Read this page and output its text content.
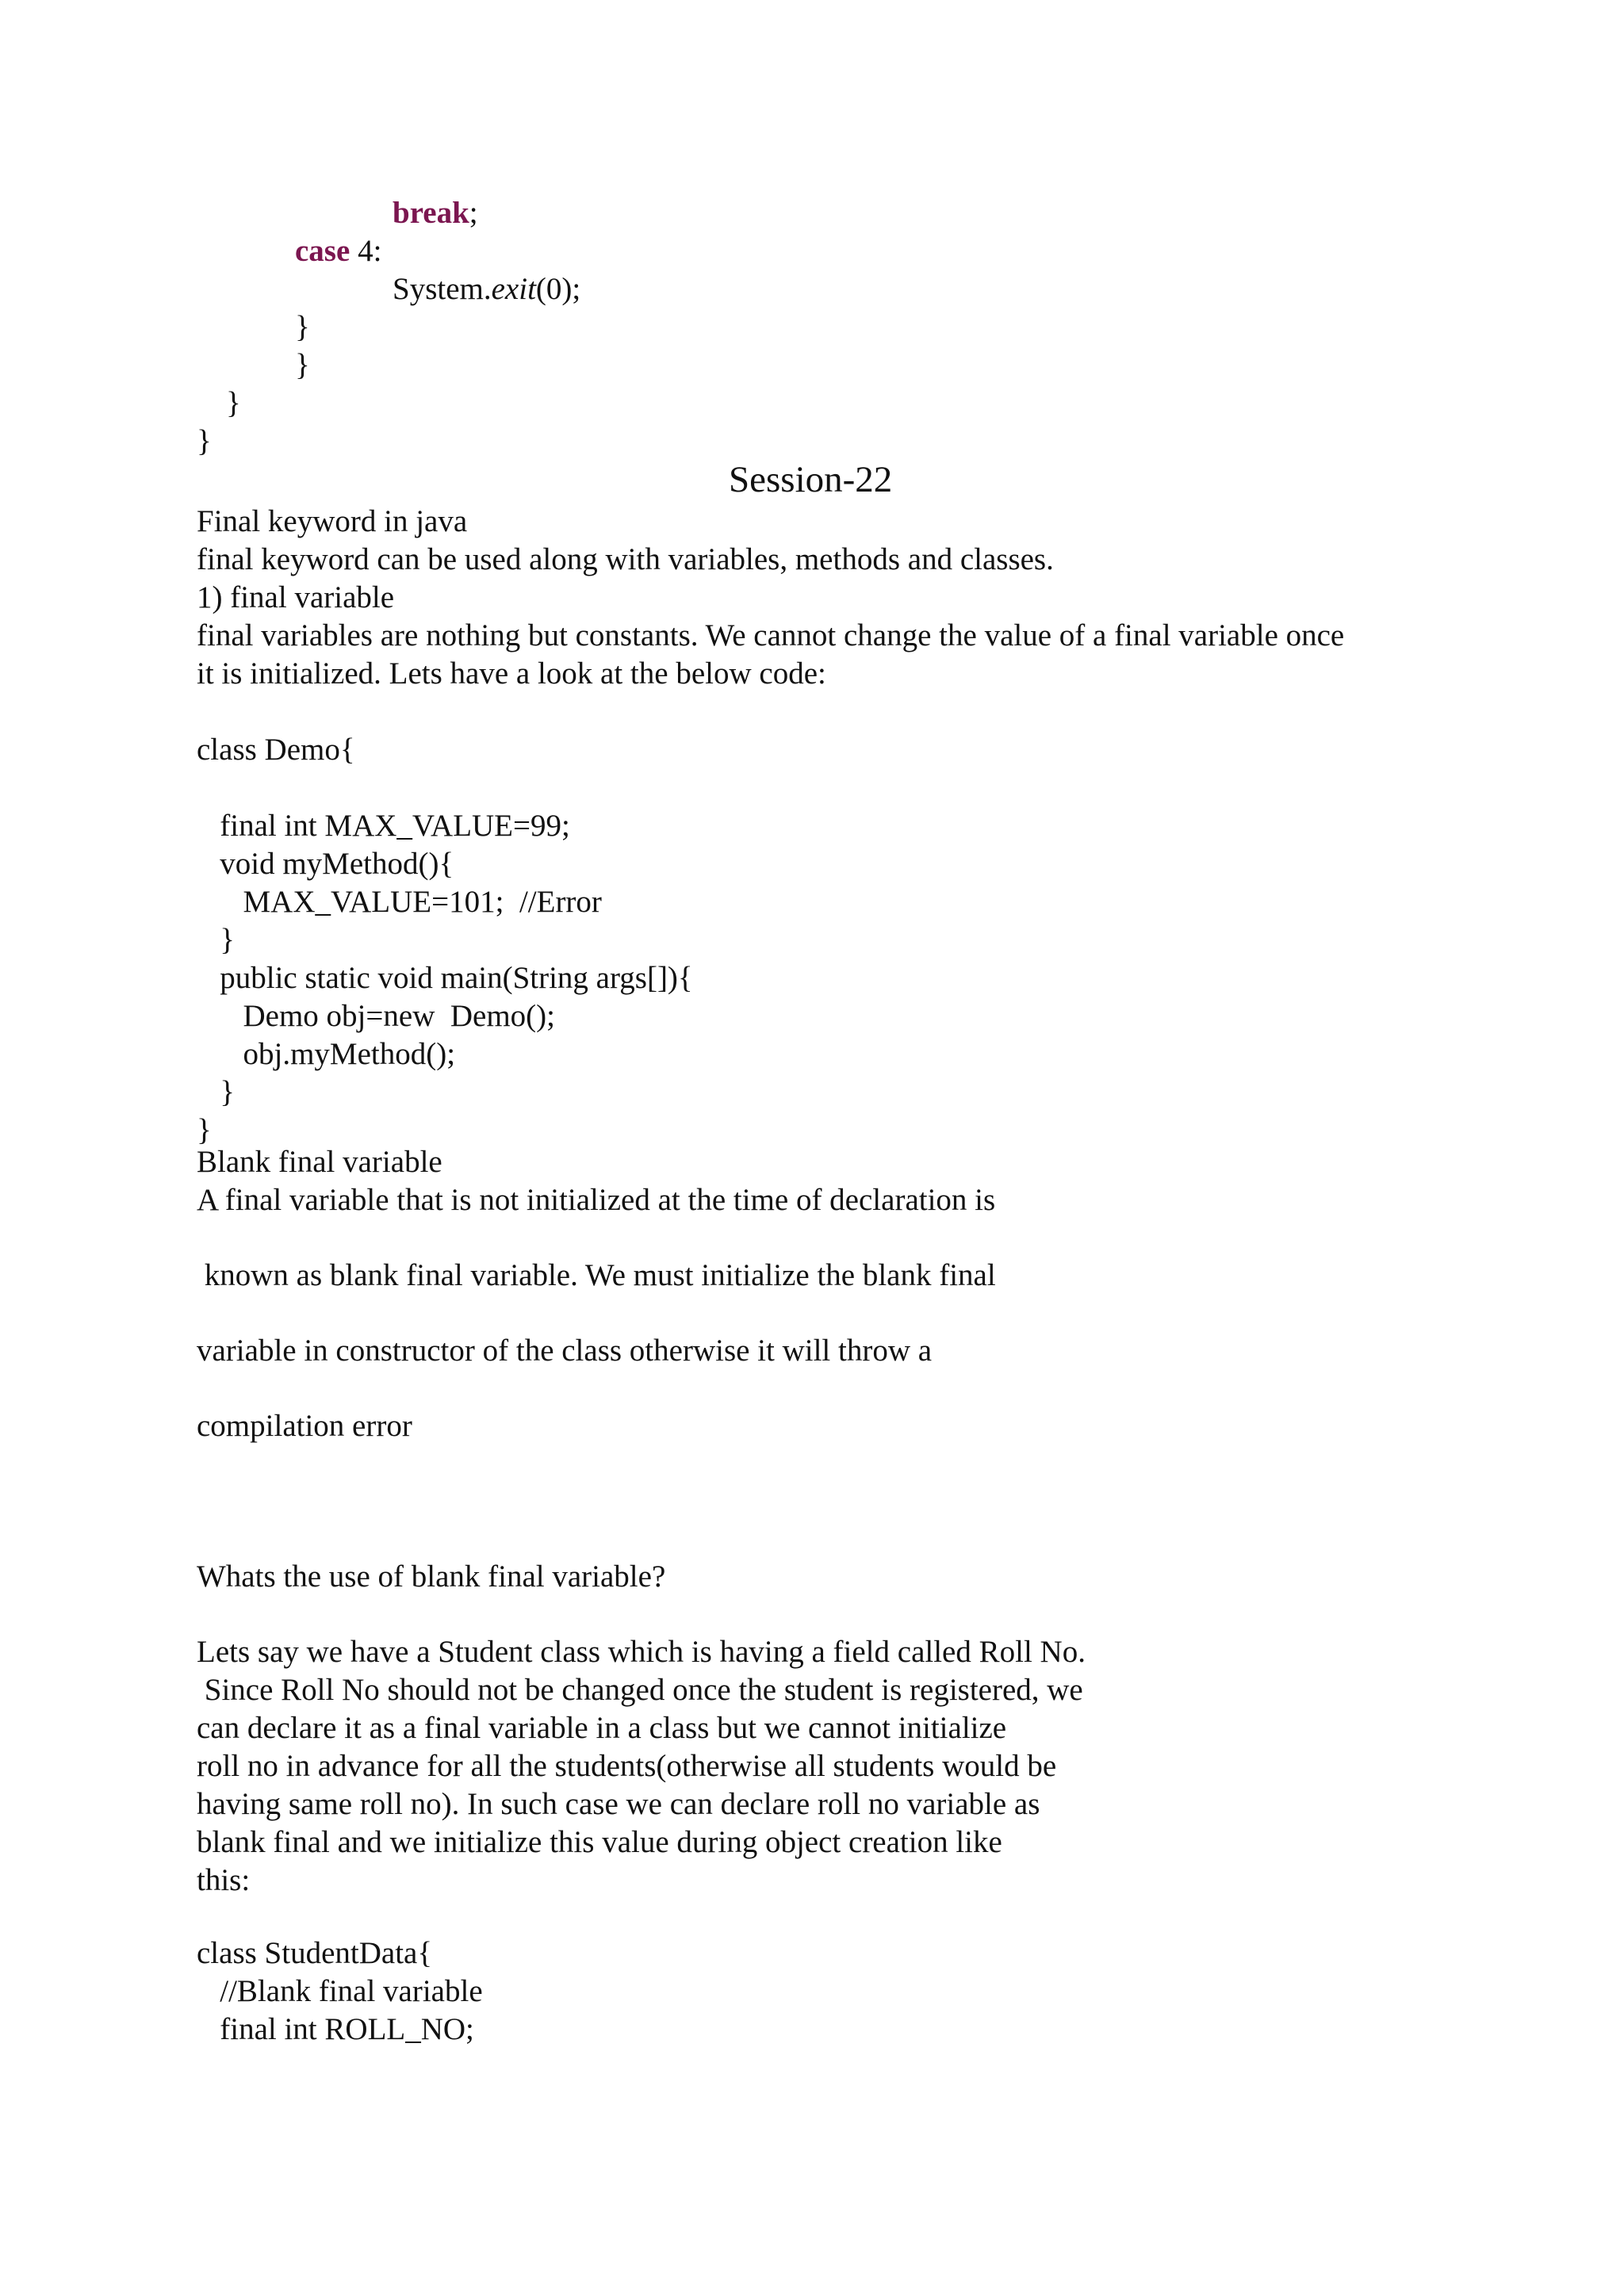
break;
case 4:
System.exit(0);
}
}
}
}
Session-22
Final keyword in java
final keyword can be used along with variables, methods and classes.
1) final variable
final variables are nothing but constants. We cannot change the value of a final variable once
it is initialized. Lets have a look at the below code:
class Demo{
final int MAX_VALUE=99;
void myMethod(){
MAX_VALUE=101;  //Error
}
public static void main(String args[]){
Demo obj=new  Demo();
obj.myMethod();
}
}
Blank final variable
A final variable that is not initialized at the time of declaration is
known as blank final variable. We must initialize the blank final
variable in constructor of the class otherwise it will throw a
compilation error
Whats the use of blank final variable?
Lets say we have a Student class which is having a field called Roll No.
Since Roll No should not be changed once the student is registered, we
can declare it as a final variable in a class but we cannot initialize
roll no in advance for all the students(otherwise all students would be
having same roll no). In such case we can declare roll no variable as
blank final and we initialize this value during object creation like
this:
class StudentData{
//Blank final variable
final int ROLL_NO;
